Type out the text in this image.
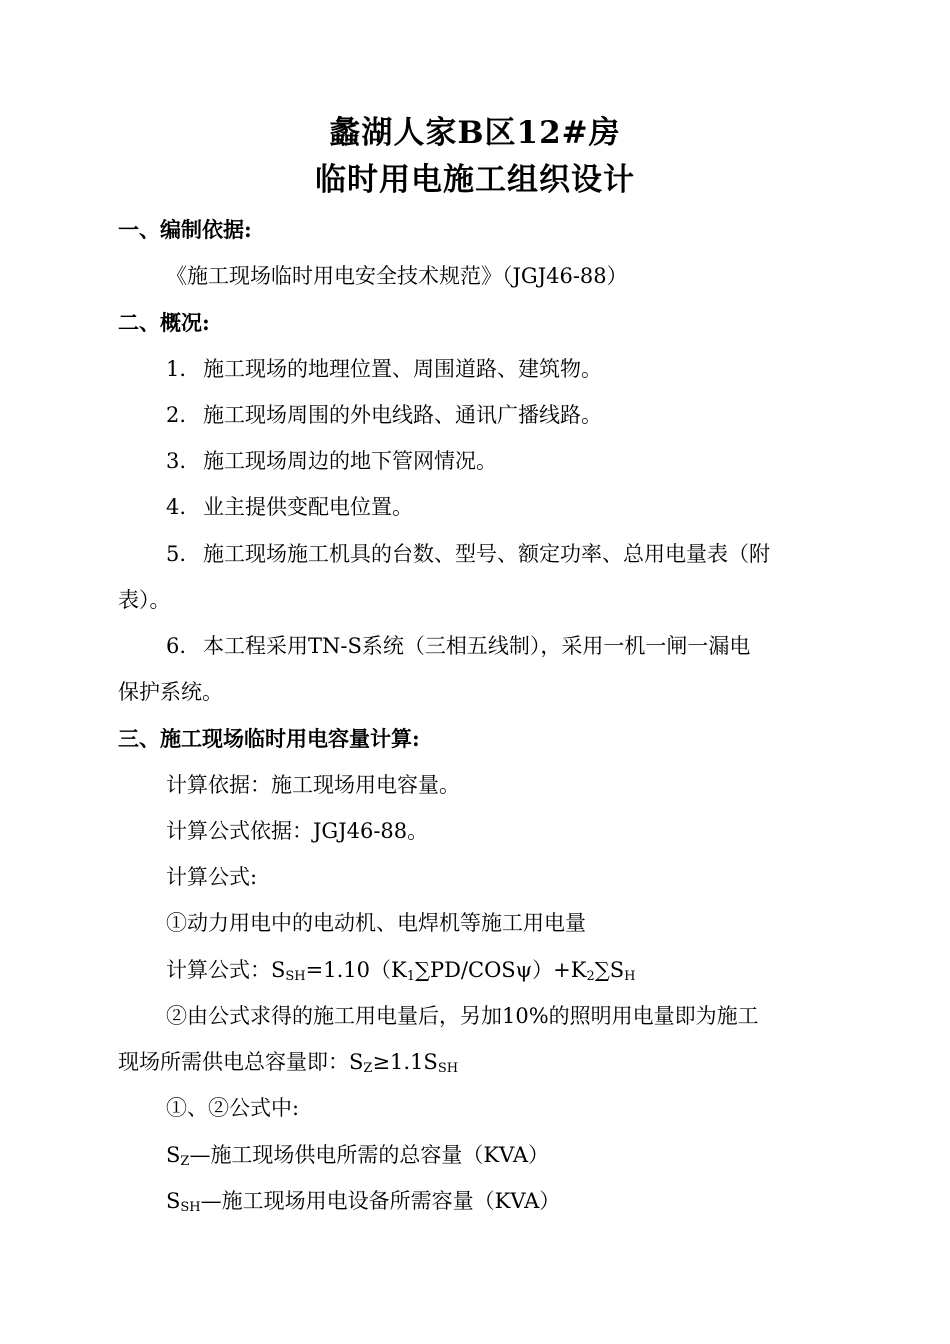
蠡湖人家B区12#房
临时用电施工组织设计
一、编制依据:
《施工现场临时用电安全技术规范》（JGJ46-88）
二、概况:
1. 施工现场的地理位置、周围道路、建筑物。
2. 施工现场周围的外电线路、通讯广播线路。
3. 施工现场周边的地下管网情况。
4. 业主提供变配电位置。
5. 施工现场施工机具的台数、型号、额定功率、总用电量表（附
表）。
6. 本工程采用TN-S系统（三相五线制），采用一机一闸一漏电
保护系统。
三、施工现场临时用电容量计算:
计算依据：施工现场用电容量。
计算公式依据：JGJ46-88。
计算公式:
①动力用电中的电动机、电焊机等施工用电量
计算公式：$S_{SH}=1.10(K_1\sum PD/COS\psi)+K_2\sum S_H$
②由公式求得的施工用电量后，另加10%的照明用电量即为施工
现场所需供电总容量即：$S_Z\ge 1.1S_{SH}$
①、②公式中:
$S_Z—$施工现场供电所需的总容量（KVA）
$S_{SH}—$施工现场用电设备所需容量（KVA）
